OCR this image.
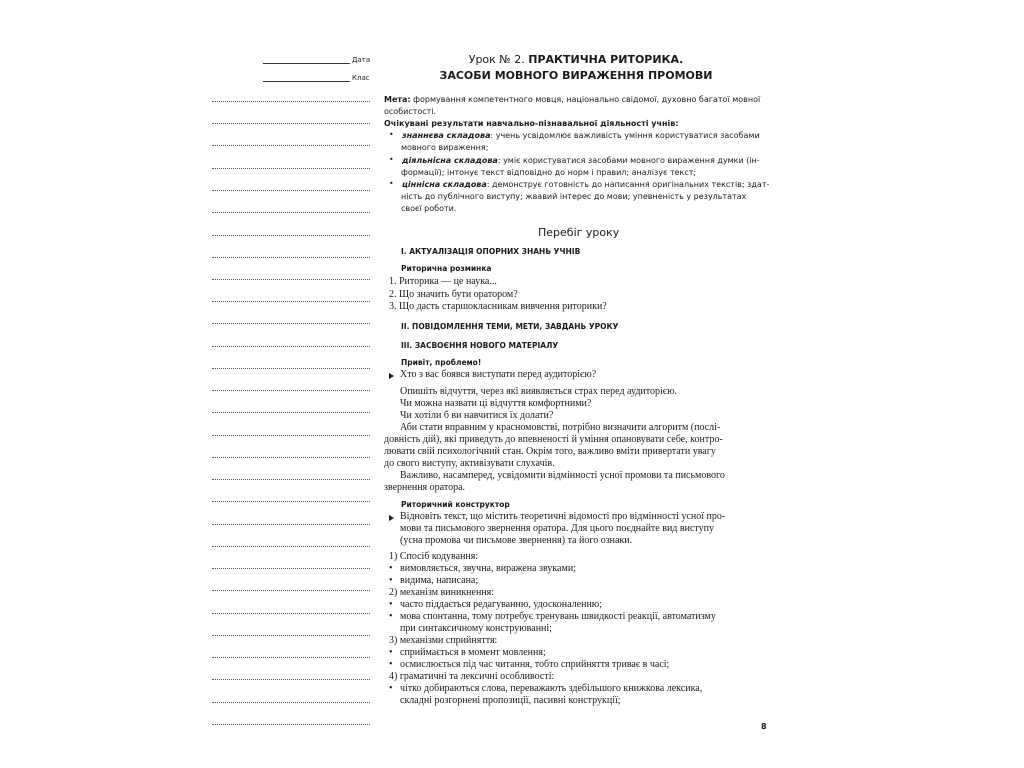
Дата
Клас
Урок № 2. ПРАКТИЧНА РИТОРИКА.
ЗАСОБИ МОВНОГО ВИРАЖЕННЯ ПРОМОВИ
Мета: формування компетентного мовця, національно свідомої, духовно багатої мовної
особистості.
Очікувані результати навчально-пізнавальної діяльності учнів:
• знаннєва складова: учень усвідомлює важливість уміння користуватися засобами
мовного вираження;
• діяльнісна складова: уміє користуватися засобами мовного вираження думки (ін-
формації); інтонує текст відповідно до норм і правил; аналізує текст;
• ціннісна складова: демонструє готовність до написання оригінальних текстів; здат-
ність до публічного виступу; жвавий інтерес до мови; упевненість у результатах
своєї роботи.
Перебіг уроку
I. АКТУАЛІЗАЦІЯ ОПОРНИХ ЗНАНЬ УЧНІВ
Риторична розминка
1. Риторика — це наука...
2. Що значить бути оратором?
3. Що дасть старшокласникам вивчення риторики?
II. ПОВІДОМЛЕННЯ ТЕМИ, МЕТИ, ЗАВДАНЬ УРОКУ
III. ЗАСВОЄННЯ НОВОГО МАТЕРІАЛУ
Привіт, проблемо!
Хто з вас боявся виступати перед аудиторією?
Опишіть відчуття, через які виявляється страх перед аудиторією.
Чи можна назвати ці відчуття комфортними?
Чи хотіли б ви навчитися їх долати?
Аби стати вправним у красномовстві, потрібно визначити алгоритм (послі-
довність дій), які приведуть до впевненості й уміння опановувати себе, контро-
лювати свій психологічний стан. Окрім того, важливо вміти привертати увагу
до свого виступу, активізувати слухачів.
Важливо, насамперед, усвідомити відмінності усної промови та письмового
звернення оратора.
Риторичний конструктор
Відновіть текст, що містить теоретичні відомості про відмінності усної про-
мови та письмового звернення оратора. Для цього поєднайте вид виступу
(усна промова чи письмове звернення) та його ознаки.
1) Спосіб кодування:
• вимовляється, звучна, виражена звуками;
• видима, написана;
2) механізм виникнення:
• часто піддається редагуванню, удосконаленню;
• мова спонтанна, тому потребує тренувань швидкості реакції, автоматизму
при синтаксичному конструюванні;
3) механізми сприйняття:
• сприймається в момент мовлення;
• осмислюється під час читання, тобто сприйняття триває в часі;
4) граматичні та лексичні особливості:
• чітко добираються слова, переважають здебільшого книжкова лексика,
складні розгорнені пропозиції, пасивні конструкції;
8
